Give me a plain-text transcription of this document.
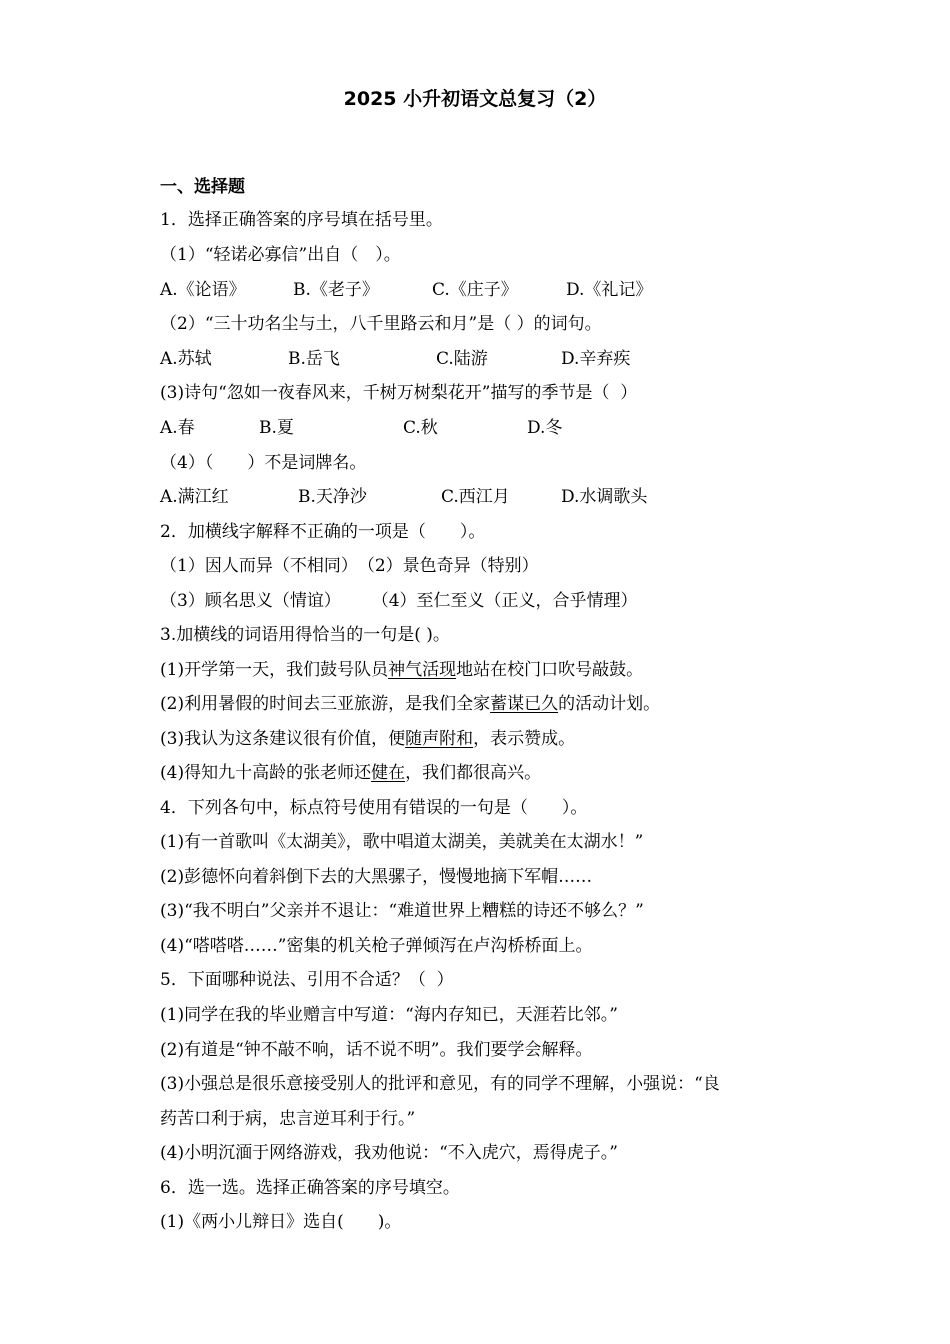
2025 小升初语文总复习（2）
一、选择题
1．选择正确答案的序号填在括号里。
（1）“轻诺必寡信”出自（　）。
A.《论语》	B.《老子》	C.《庄子》	D.《礼记》
（2）“三十功名尘与土，八千里路云和月”是（ ）的词句。
A.苏轼	B.岳飞	C.陆游	D.辛弃疾
(3)诗句“忽如一夜春风来，千树万树梨花开”描写的季节是（  ）
A.春	B.夏	C.秋	D.冬
（4）（　　）不是词牌名。
A.满江红	B.天净沙	C.西江月	D.水调歌头
2．加横线字解释不正确的一项是（　　）。
（1）因人而异（不相同）　（2）景色奇异（特别）
（3）顾名思义（情谊）　　 （4）至仁至义（正义，合乎情理）
3.加横线的词语用得恰当的一句是( )。
(1)开学第一天，我们鼓号队员神气活现地站在校门口吹号敲鼓。
(2)利用暑假的时间去三亚旅游，是我们全家蓄谋已久的活动计划。
(3)我认为这条建议很有价值，便随声附和，表示赞成。
(4)得知九十高龄的张老师还健在，我们都很高兴。
4．下列各句中，标点符号使用有错误的一句是（　　）。
(1)有一首歌叫《太湖美》，歌中唱道太湖美，美就美在太湖水！”
(2)彭德怀向着斜倒下去的大黑骡子，慢慢地摘下军帽……
(3)“我不明白”父亲并不退让：“难道世界上糟糕的诗还不够么？”
(4)“嗒嗒嗒……”密集的机关枪子弹倾泻在卢沟桥桥面上。
5．下面哪种说法、引用不合适？（  ）
(1)同学在我的毕业赠言中写道：“海内存知已，天涯若比邻。”
(2)有道是“钟不敲不响，话不说不明”。我们要学会解释。
(3)小强总是很乐意接受别人的批评和意见，有的同学不理解，小强说：“良
药苦口利于病，忠言逆耳利于行。”
(4)小明沉湎于网络游戏，我劝他说：“不入虎穴，焉得虎子。”
6．选一选。选择正确答案的序号填空。
(1)《两小儿辩日》选自(　　)。
